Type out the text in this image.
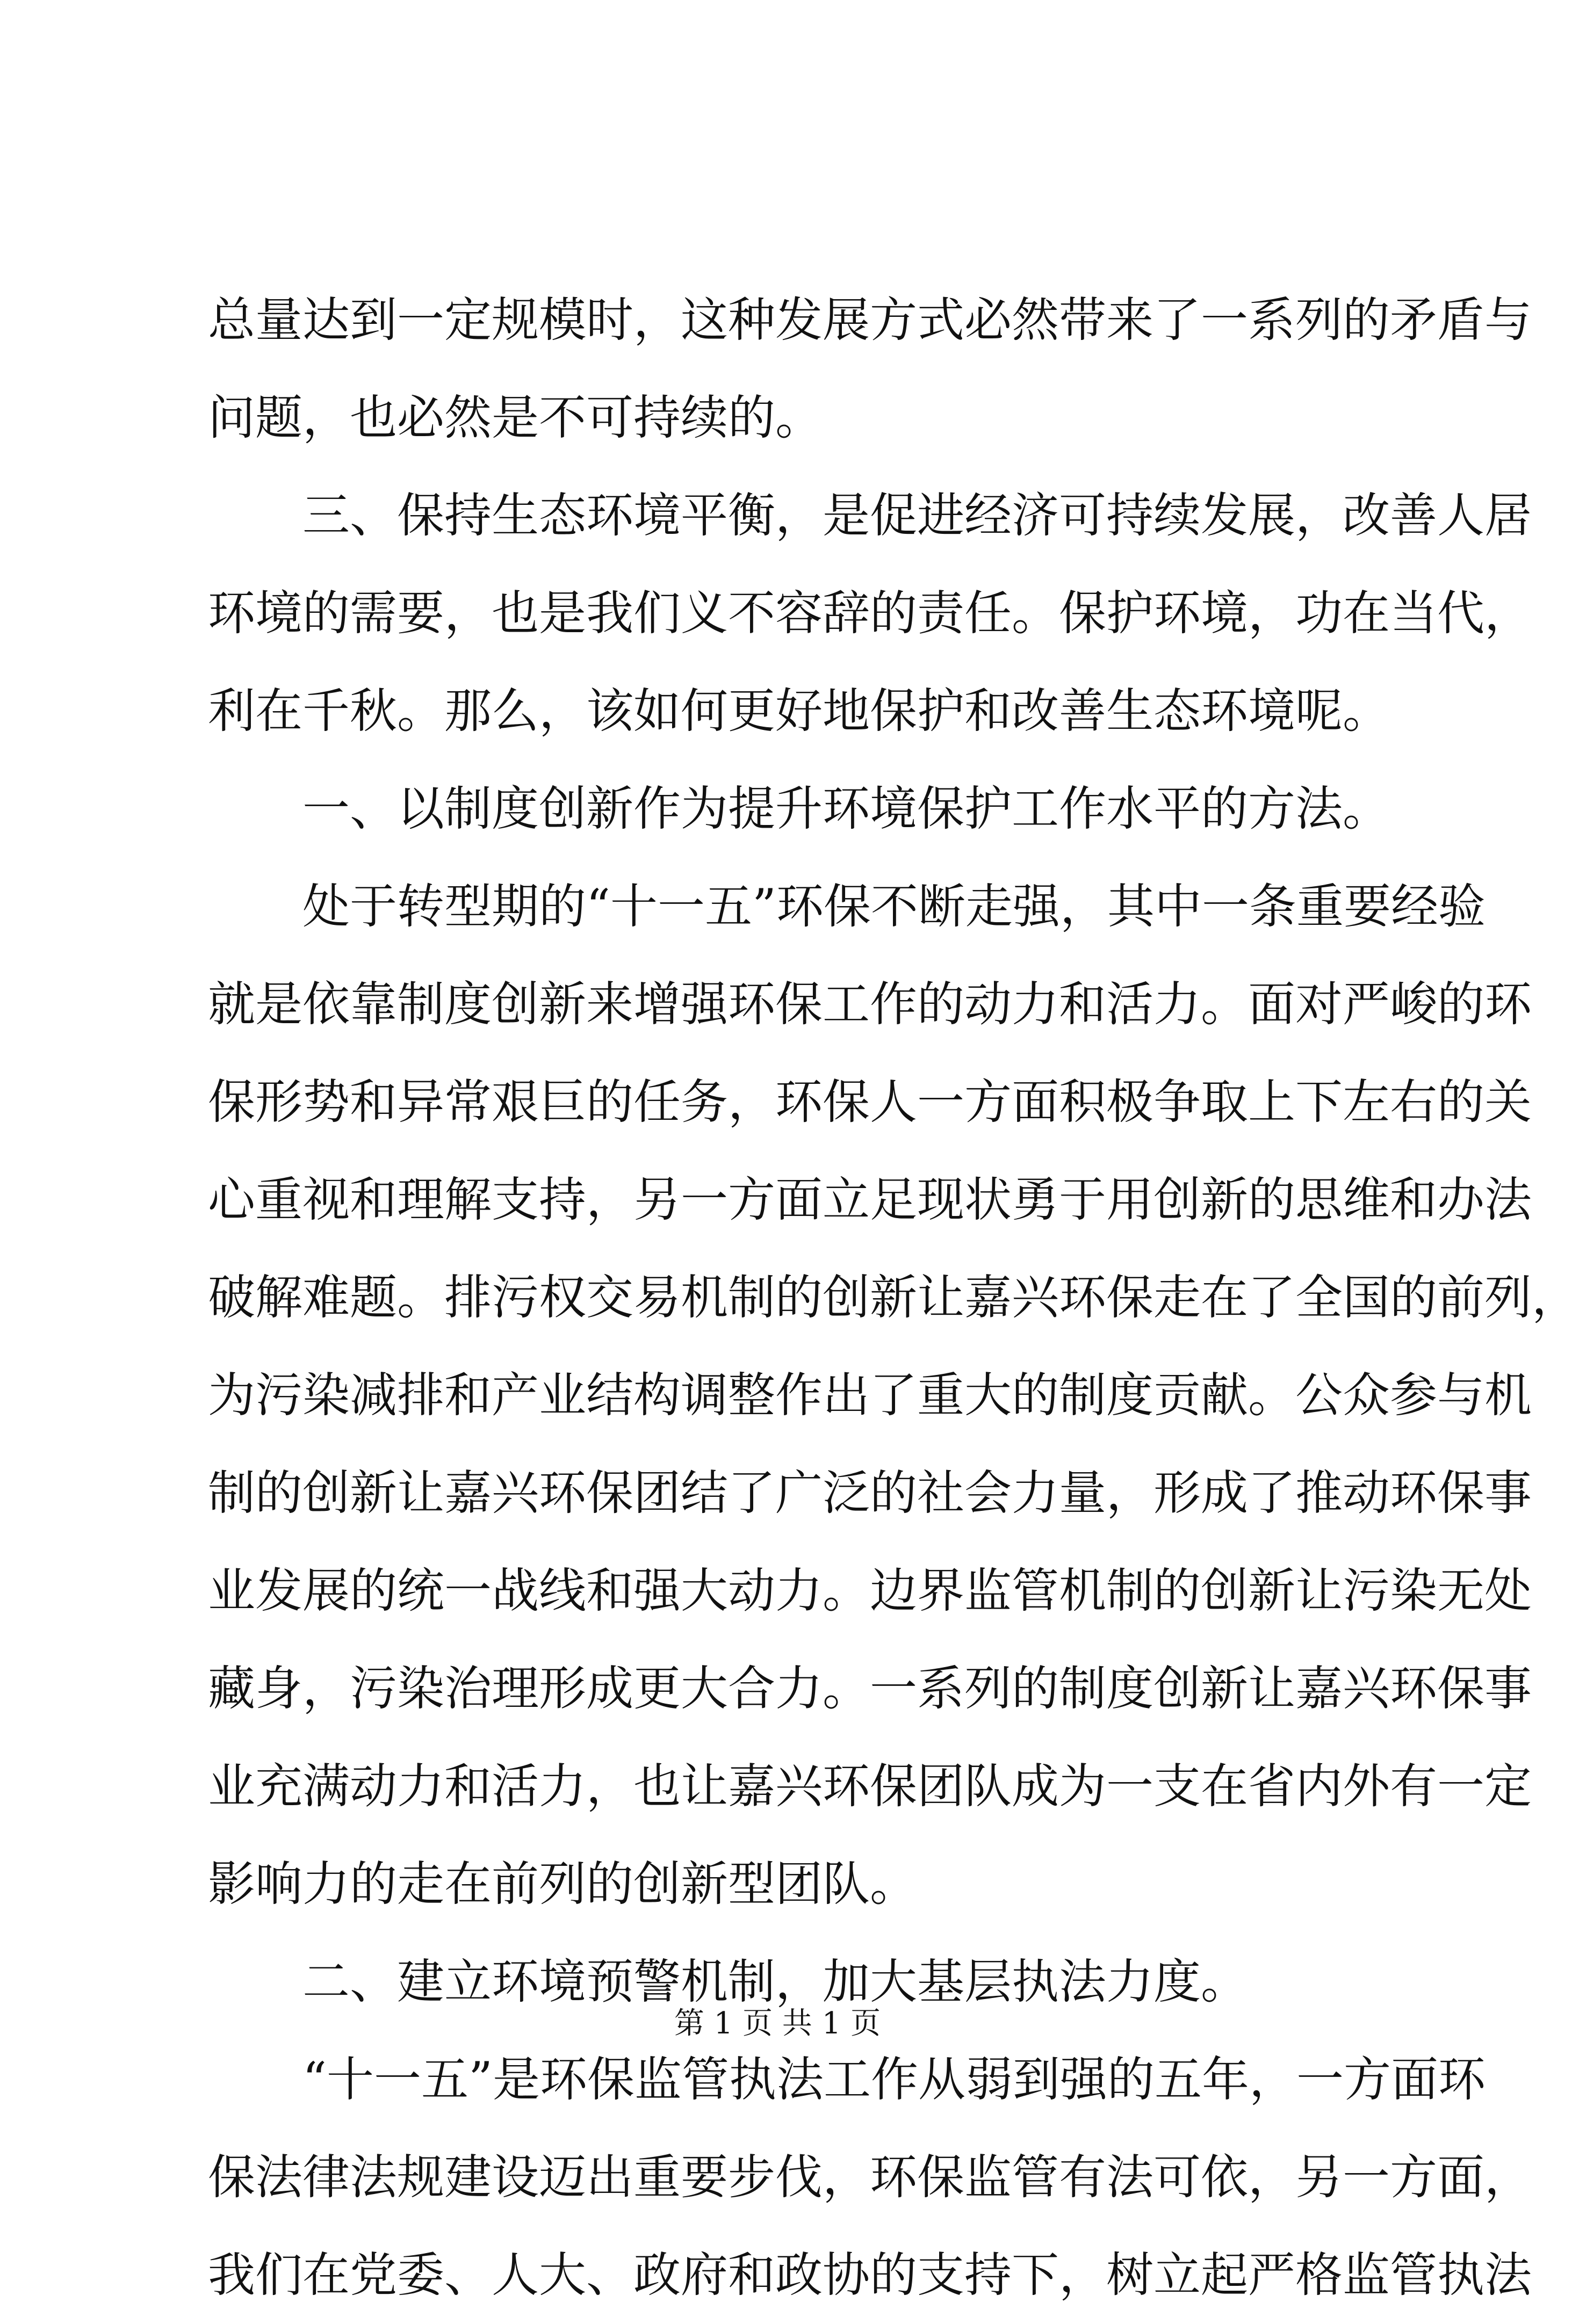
总量达到一定规模时，这种发展方式必然带来了一系列的矛盾与
问题，也必然是不可持续的。
三、保持生态环境平衡，是促进经济可持续发展，改善人居
环境的需要，也是我们义不容辞的责任。保护环境，功在当代，
利在千秋。那么，该如何更好地保护和改善生态环境呢。
一、以制度创新作为提升环境保护工作水平的方法。
处于转型期的“十一五”环保不断走强，其中一条重要经验
就是依靠制度创新来增强环保工作的动力和活力。面对严峻的环
保形势和异常艰巨的任务，环保人一方面积极争取上下左右的关
心重视和理解支持，另一方面立足现状勇于用创新的思维和办法
破解难题。排污权交易机制的创新让嘉兴环保走在了全国的前列，
为污染减排和产业结构调整作出了重大的制度贡献。公众参与机
制的创新让嘉兴环保团结了广泛的社会力量，形成了推动环保事
业发展的统一战线和强大动力。边界监管机制的创新让污染无处
藏身，污染治理形成更大合力。一系列的制度创新让嘉兴环保事
业充满动力和活力，也让嘉兴环保团队成为一支在省内外有一定
影响力的走在前列的创新型团队。
二、建立环境预警机制，加大基层执法力度。
“十一五”是环保监管执法工作从弱到强的五年，一方面环
保法律法规建设迈出重要步伐，环保监管有法可依，另一方面，
我们在党委、人大、政府和政协的支持下，树立起严格监管执法
第 1 页 共 1 页
